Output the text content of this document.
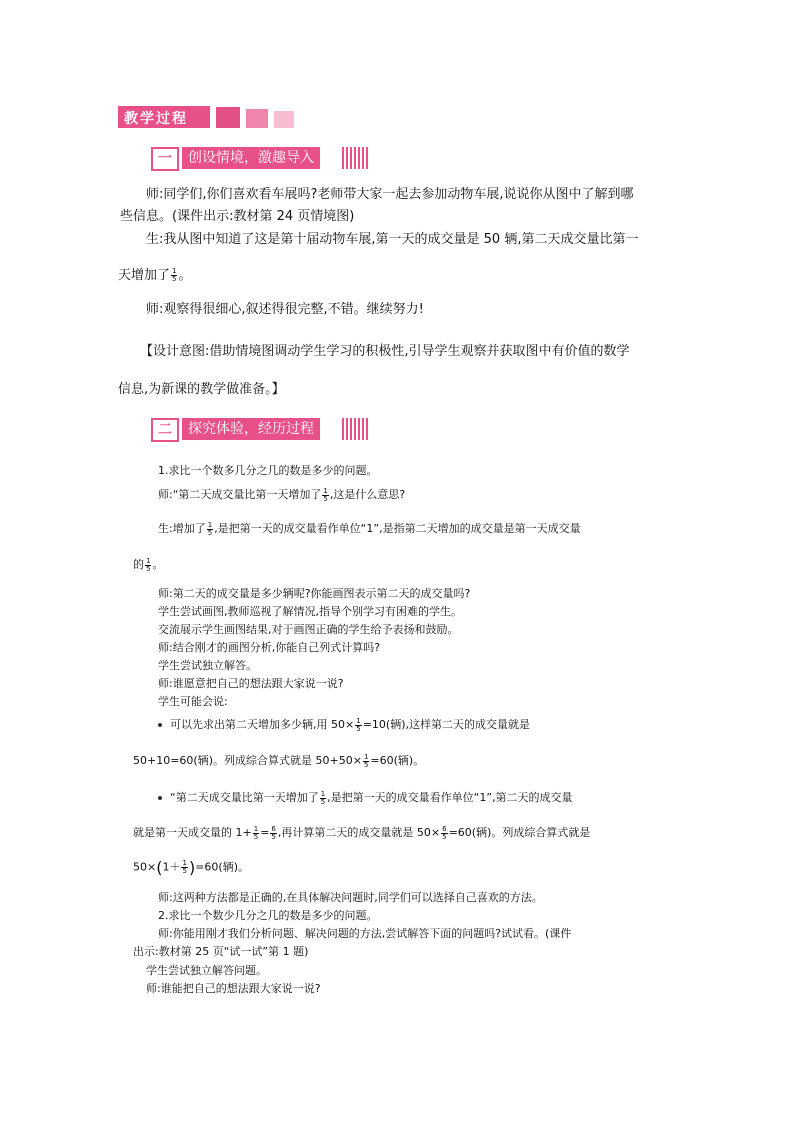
教学过程
一	创设情境，激趣导入
师:同学们,你们喜欢看车展吗?老师带大家一起去参加动物车展,说说你从图中了解到哪
些信息。(课件出示:教材第 24 页情境图)
生:我从图中知道了这是第十届动物车展,第一天的成交量是 50 辆,第二天成交量比第一
天增加了 $\frac{1}{5}$ 。
师:观察得很细心,叙述得很完整,不错。继续努力!
【设计意图:借助情境图调动学生学习的积极性,引导学生观察并获取图中有价值的数学
信息,为新课的教学做准备。】
二	探究体验，经历过程
1.求比一个数多几分之几的数是多少的问题。
师:“第二天成交量比第一天增加了 $\frac{1}{5}$ ,这是什么意思?
生:增加了 $\frac{1}{5}$ ,是把第一天的成交量看作单位“1”,是指第二天增加的成交量是第一天成交量
的 $\frac{1}{5}$ 。
师:第二天的成交量是多少辆呢?你能画图表示第二天的成交量吗?
学生尝试画图,教师巡视了解情况,指导个别学习有困难的学生。
交流展示学生画图结果,对于画图正确的学生给予表扬和鼓励。
师:结合刚才的画图分析,你能自己列式计算吗?
学生尝试独立解答。
师:谁愿意把自己的想法跟大家说一说?
学生可能会说:
可以先求出第二天增加多少辆,用 $50\times \frac{1}{5} =10$(辆),这样第二天的成交量就是
50+10=60(辆)。列成综合算式就是 $50+50\times \frac{1}{5} =60$(辆)。
“第二天成交量比第一天增加了 $\frac{1}{5}$ ,是把第一天的成交量看作单位“1”,第二天的成交量
就是第一天成交量的 $1+ \frac{1}{5} = \frac{6}{5}$ ,再计算第二天的成交量就是 $50\times \frac{6}{5} =60$(辆)。列成综合算式就是
$50\times(1+ \frac{1}{5} )=60$(辆)。
师:这两种方法都是正确的,在具体解决问题时,同学们可以选择自己喜欢的方法。
2.求比一个数少几分之几的数是多少的问题。
师:你能用刚才我们分析问题、解决问题的方法,尝试解答下面的问题吗?试试看。(课件
出示:教材第 25 页“试一试”第 1 题)
学生尝试独立解答问题。
师:谁能把自己的想法跟大家说一说?
